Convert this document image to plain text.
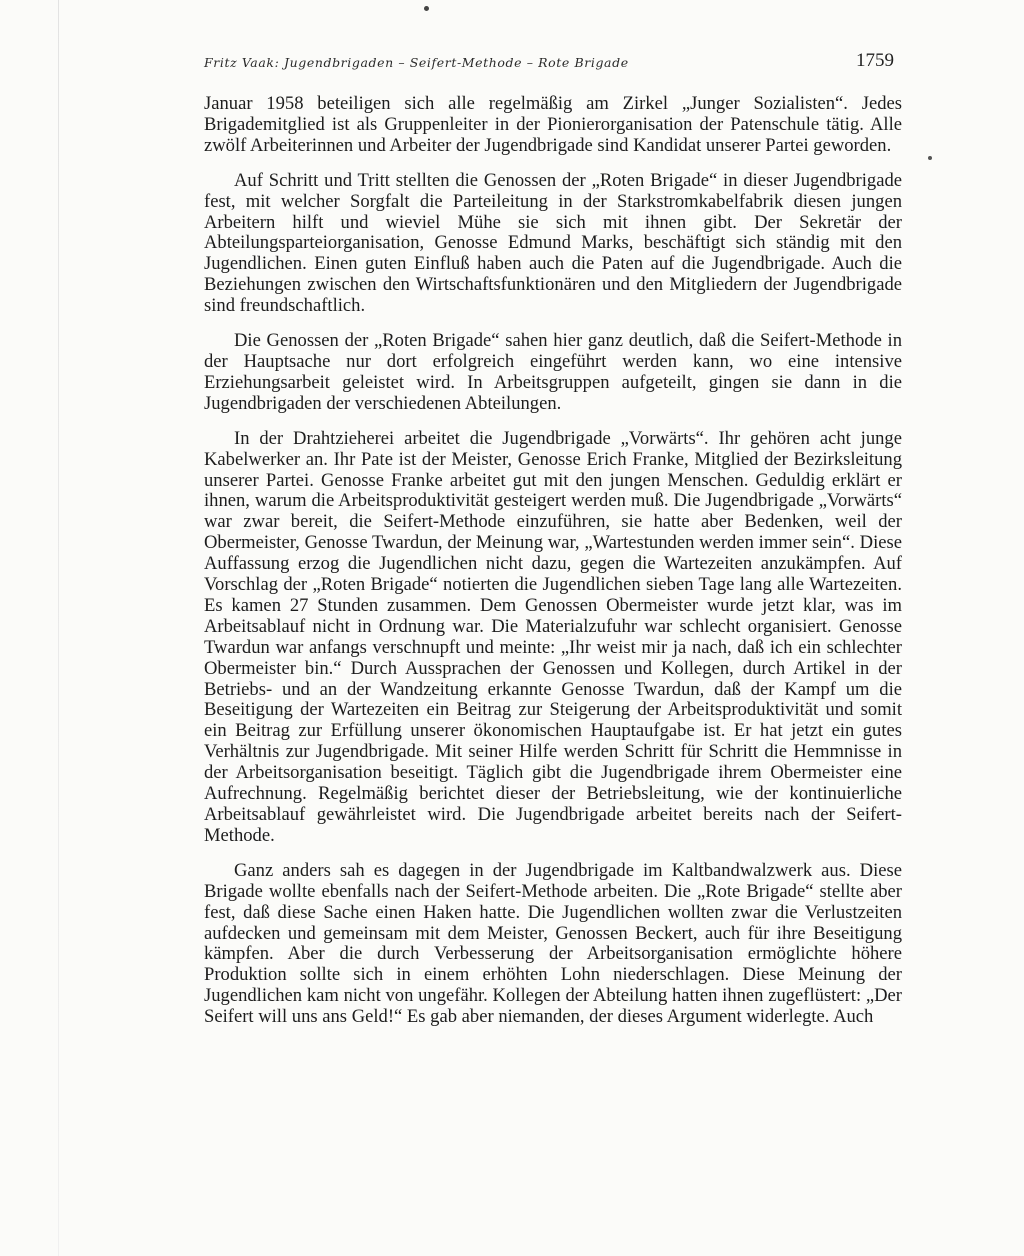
Fritz Vaak: Jugendbrigaden – Seifert-Methode – Rote Brigade	1759

Januar 1958 beteiligen sich alle regelmäßig am Zirkel „Junger Sozialisten“. Jedes Brigademitglied ist als Gruppenleiter in der Pionierorganisation der Patenschule tätig. Alle zwölf Arbeiterinnen und Arbeiter der Jugendbrigade sind Kandidat unserer Partei geworden.

Auf Schritt und Tritt stellten die Genossen der „Roten Brigade“ in dieser Jugendbrigade fest, mit welcher Sorgfalt die Parteileitung in der Starkstromkabelfabrik diesen jungen Arbeitern hilft und wieviel Mühe sie sich mit ihnen gibt. Der Sekretär der Abteilungsparteiorganisation, Genosse Edmund Marks, beschäftigt sich ständig mit den Jugendlichen. Einen guten Einfluß haben auch die Paten auf die Jugendbrigade. Auch die Beziehungen zwischen den Wirtschaftsfunktionären und den Mitgliedern der Jugendbrigade sind freundschaftlich.

Die Genossen der „Roten Brigade“ sahen hier ganz deutlich, daß die Seifert-Methode in der Hauptsache nur dort erfolgreich eingeführt werden kann, wo eine intensive Erziehungsarbeit geleistet wird. In Arbeitsgruppen aufgeteilt, gingen sie dann in die Jugendbrigaden der verschiedenen Abteilungen.

In der Drahtzieherei arbeitet die Jugendbrigade „Vorwärts“. Ihr gehören acht junge Kabelwerker an. Ihr Pate ist der Meister, Genosse Erich Franke, Mitglied der Bezirksleitung unserer Partei. Genosse Franke arbeitet gut mit den jungen Menschen. Geduldig erklärt er ihnen, warum die Arbeitsproduktivität gesteigert werden muß. Die Jugendbrigade „Vorwärts“ war zwar bereit, die Seifert-Methode einzuführen, sie hatte aber Bedenken, weil der Obermeister, Genosse Twardun, der Meinung war, „Wartestunden werden immer sein“. Diese Auffassung erzog die Jugendlichen nicht dazu, gegen die Wartezeiten anzukämpfen. Auf Vorschlag der „Roten Brigade“ notierten die Jugendlichen sieben Tage lang alle Wartezeiten. Es kamen 27 Stunden zusammen. Dem Genossen Obermeister wurde jetzt klar, was im Arbeitsablauf nicht in Ordnung war. Die Materialzufuhr war schlecht organisiert. Genosse Twardun war anfangs verschnupft und meinte: „Ihr weist mir ja nach, daß ich ein schlechter Obermeister bin.“ Durch Aussprachen der Genossen und Kollegen, durch Artikel in der Betriebs- und an der Wandzeitung erkannte Genosse Twardun, daß der Kampf um die Beseitigung der Wartezeiten ein Beitrag zur Steigerung der Arbeitsproduktivität und somit ein Beitrag zur Erfüllung unserer ökonomischen Hauptaufgabe ist. Er hat jetzt ein gutes Verhältnis zur Jugendbrigade. Mit seiner Hilfe werden Schritt für Schritt die Hemmnisse in der Arbeitsorganisation beseitigt. Täglich gibt die Jugendbrigade ihrem Obermeister eine Aufrechnung. Regelmäßig berichtet dieser der Betriebsleitung, wie der kontinuierliche Arbeitsablauf gewährleistet wird. Die Jugendbrigade arbeitet bereits nach der Seifert-Methode.

Ganz anders sah es dagegen in der Jugendbrigade im Kaltbandwalzwerk aus. Diese Brigade wollte ebenfalls nach der Seifert-Methode arbeiten. Die „Rote Brigade“ stellte aber fest, daß diese Sache einen Haken hatte. Die Jugendlichen wollten zwar die Verlustzeiten aufdecken und gemeinsam mit dem Meister, Genossen Beckert, auch für ihre Beseitigung kämpfen. Aber die durch Verbesserung der Arbeitsorganisation ermöglichte höhere Produktion sollte sich in einem erhöhten Lohn niederschlagen. Diese Meinung der Jugendlichen kam nicht von ungefähr. Kollegen der Abteilung hatten ihnen zugeflüstert: „Der Seifert will uns ans Geld!“ Es gab aber niemanden, der dieses Argument widerlegte. Auch
